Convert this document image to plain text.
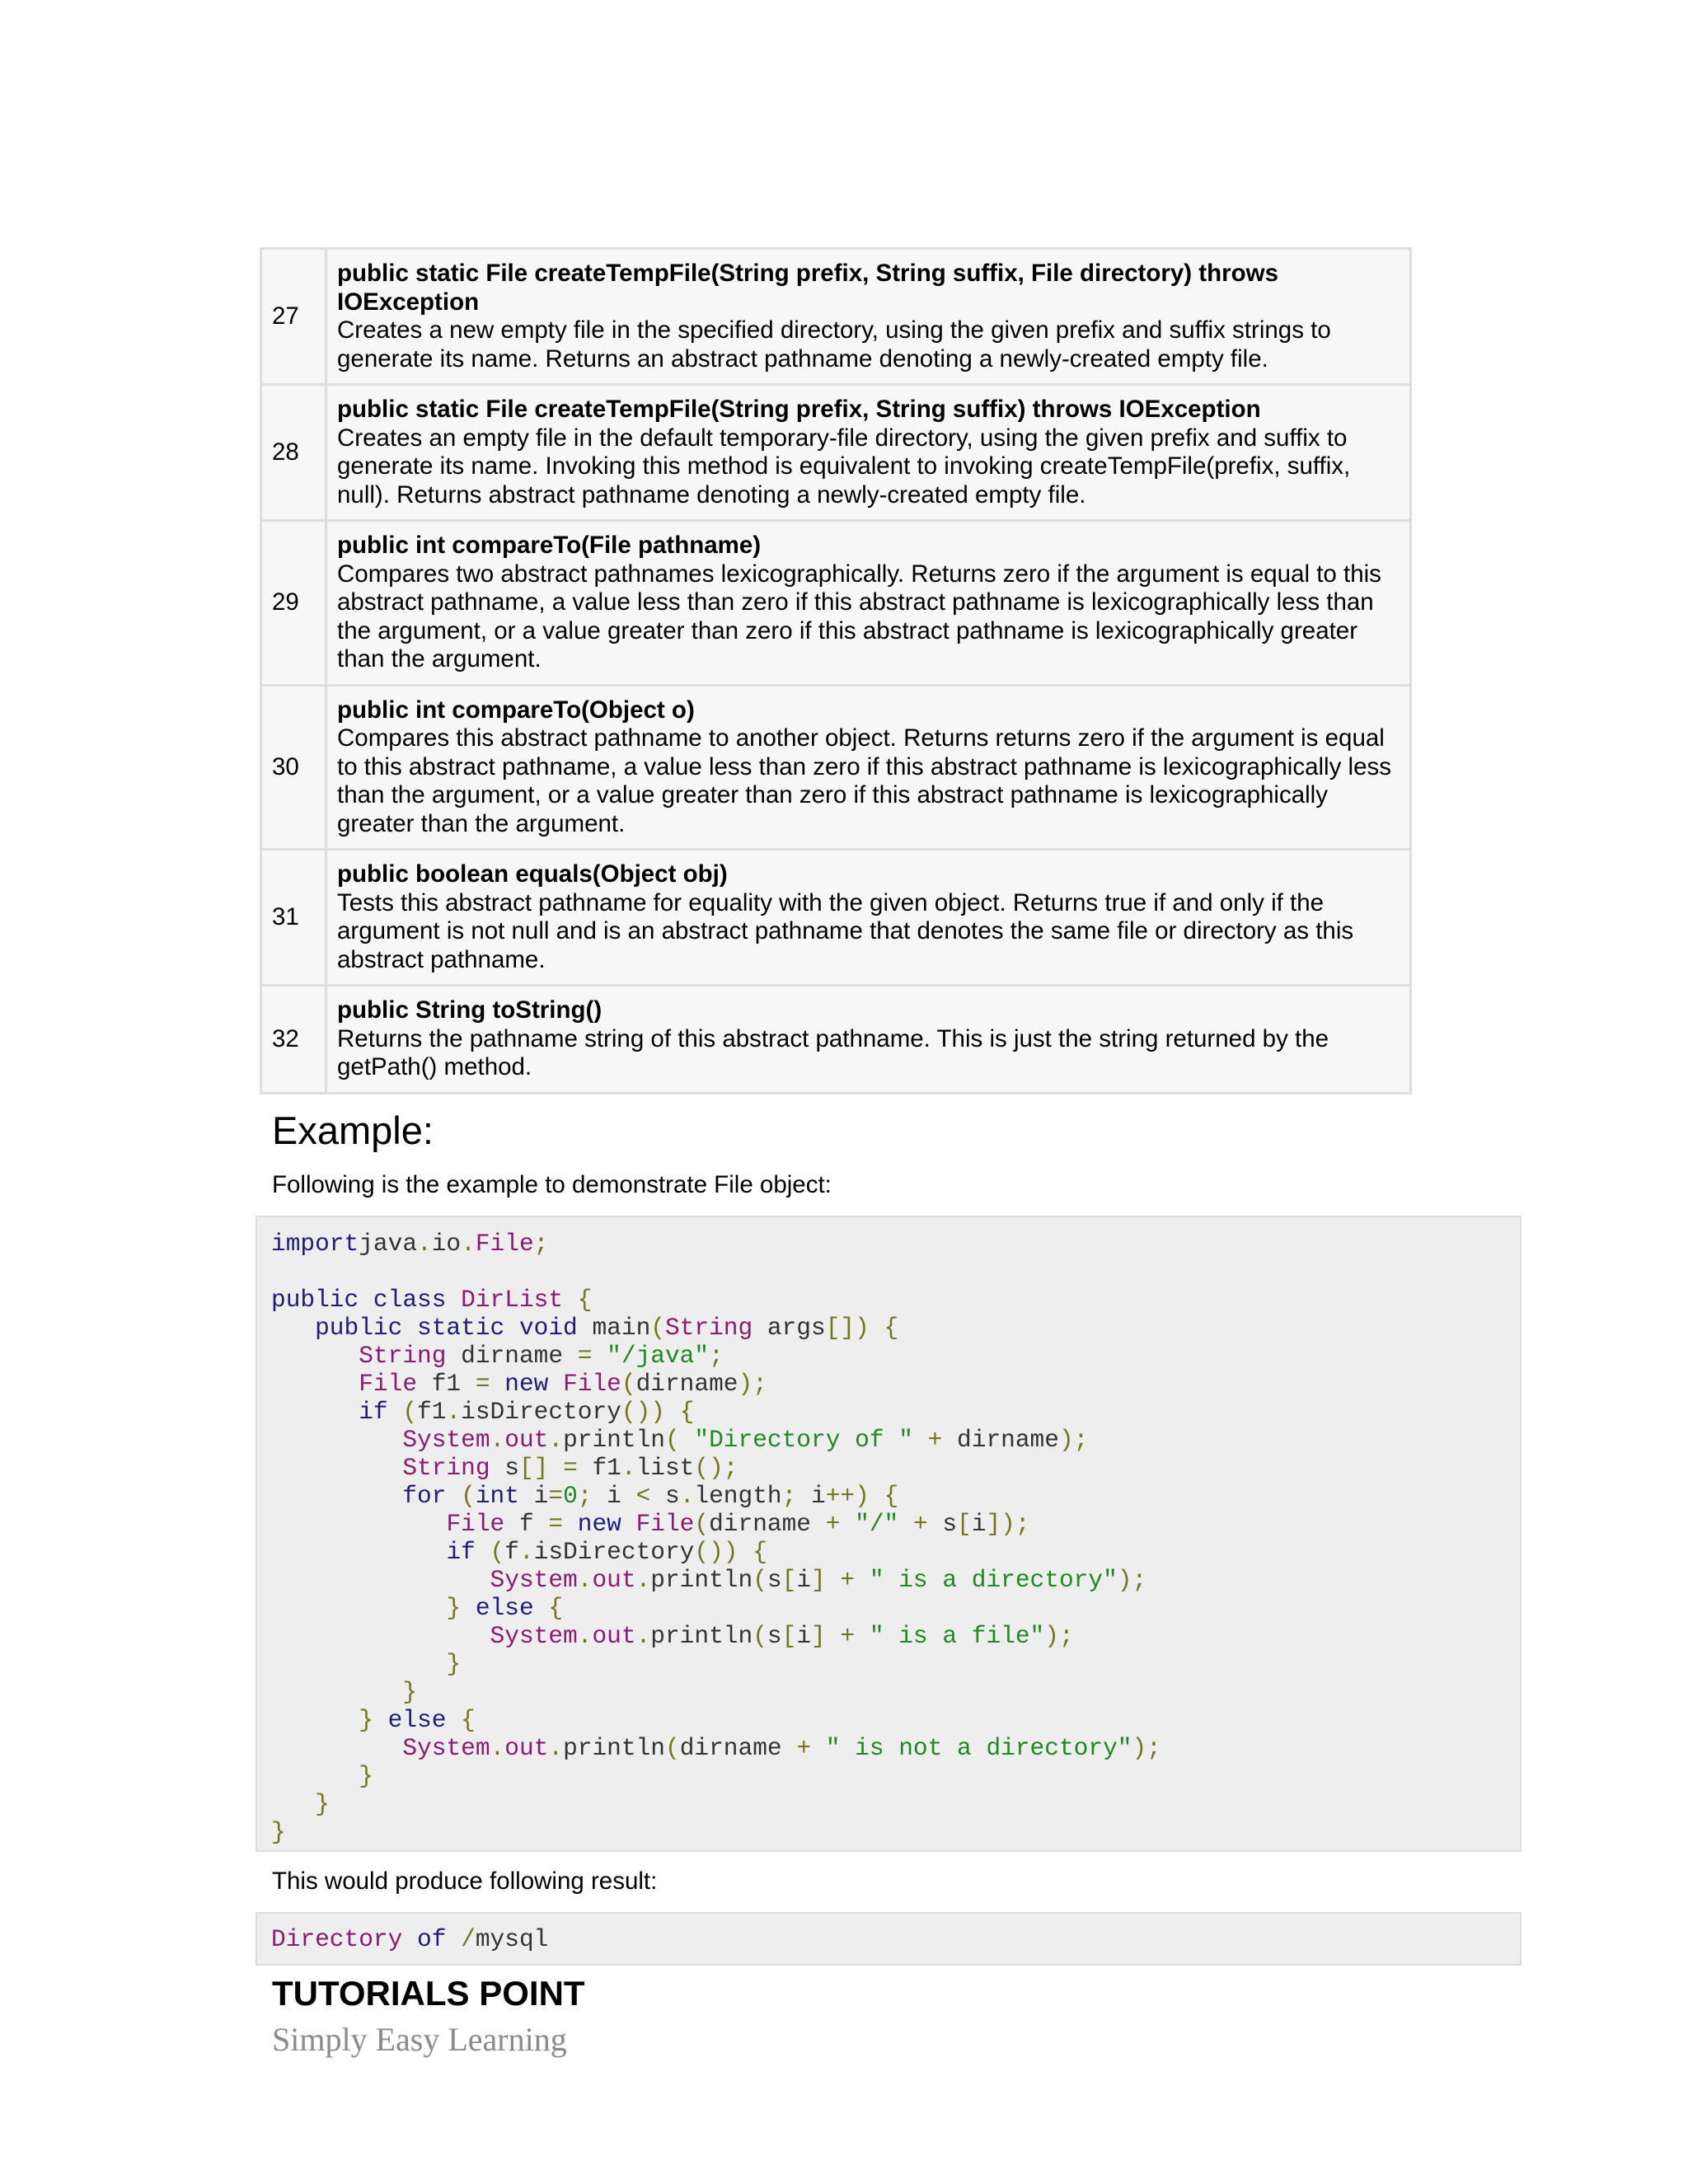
27	public static File createTempFile(String prefix, String suffix, File directory) throws IOException
Creates a new empty file in the specified directory, using the given prefix and suffix strings to generate its name. Returns an abstract pathname denoting a newly-created empty file.

28	public static File createTempFile(String prefix, String suffix) throws IOException
Creates an empty file in the default temporary-file directory, using the given prefix and suffix to generate its name. Invoking this method is equivalent to invoking createTempFile(prefix, suffix, null). Returns abstract pathname denoting a newly-created empty file.

29	public int compareTo(File pathname)
Compares two abstract pathnames lexicographically. Returns zero if the argument is equal to this abstract pathname, a value less than zero if this abstract pathname is lexicographically less than the argument, or a value greater than zero if this abstract pathname is lexicographically greater than the argument.

30	public int compareTo(Object o)
Compares this abstract pathname to another object. Returns returns zero if the argument is equal to this abstract pathname, a value less than zero if this abstract pathname is lexicographically less than the argument, or a value greater than zero if this abstract pathname is lexicographically greater than the argument.

31	public boolean equals(Object obj)
Tests this abstract pathname for equality with the given object. Returns true if and only if the argument is not null and is an abstract pathname that denotes the same file or directory as this abstract pathname.

32	public String toString()
Returns the pathname string of this abstract pathname. This is just the string returned by the getPath() method.
Example:

Following is the example to demonstrate File object:

importjava.io.File;
public class DirList {
public static void main(String args[]) {
String dirname = "/java";
File f1 = new File(dirname);
if (f1.isDirectory()) {
System.out.println( "Directory of " + dirname);
String s[] = f1.list();
for (int i=0; i < s.length; i++) {
File f = new File(dirname + "/" + s[i]);
if (f.isDirectory()) {
System.out.println(s[i] + " is a directory");
} else {
System.out.println(s[i] + " is a file");
}
}
} else {
System.out.println(dirname + " is not a directory");
}
}
}

This would produce following result:

Directory of /mysql

TUTORIALS POINT

Simply Easy Learning
